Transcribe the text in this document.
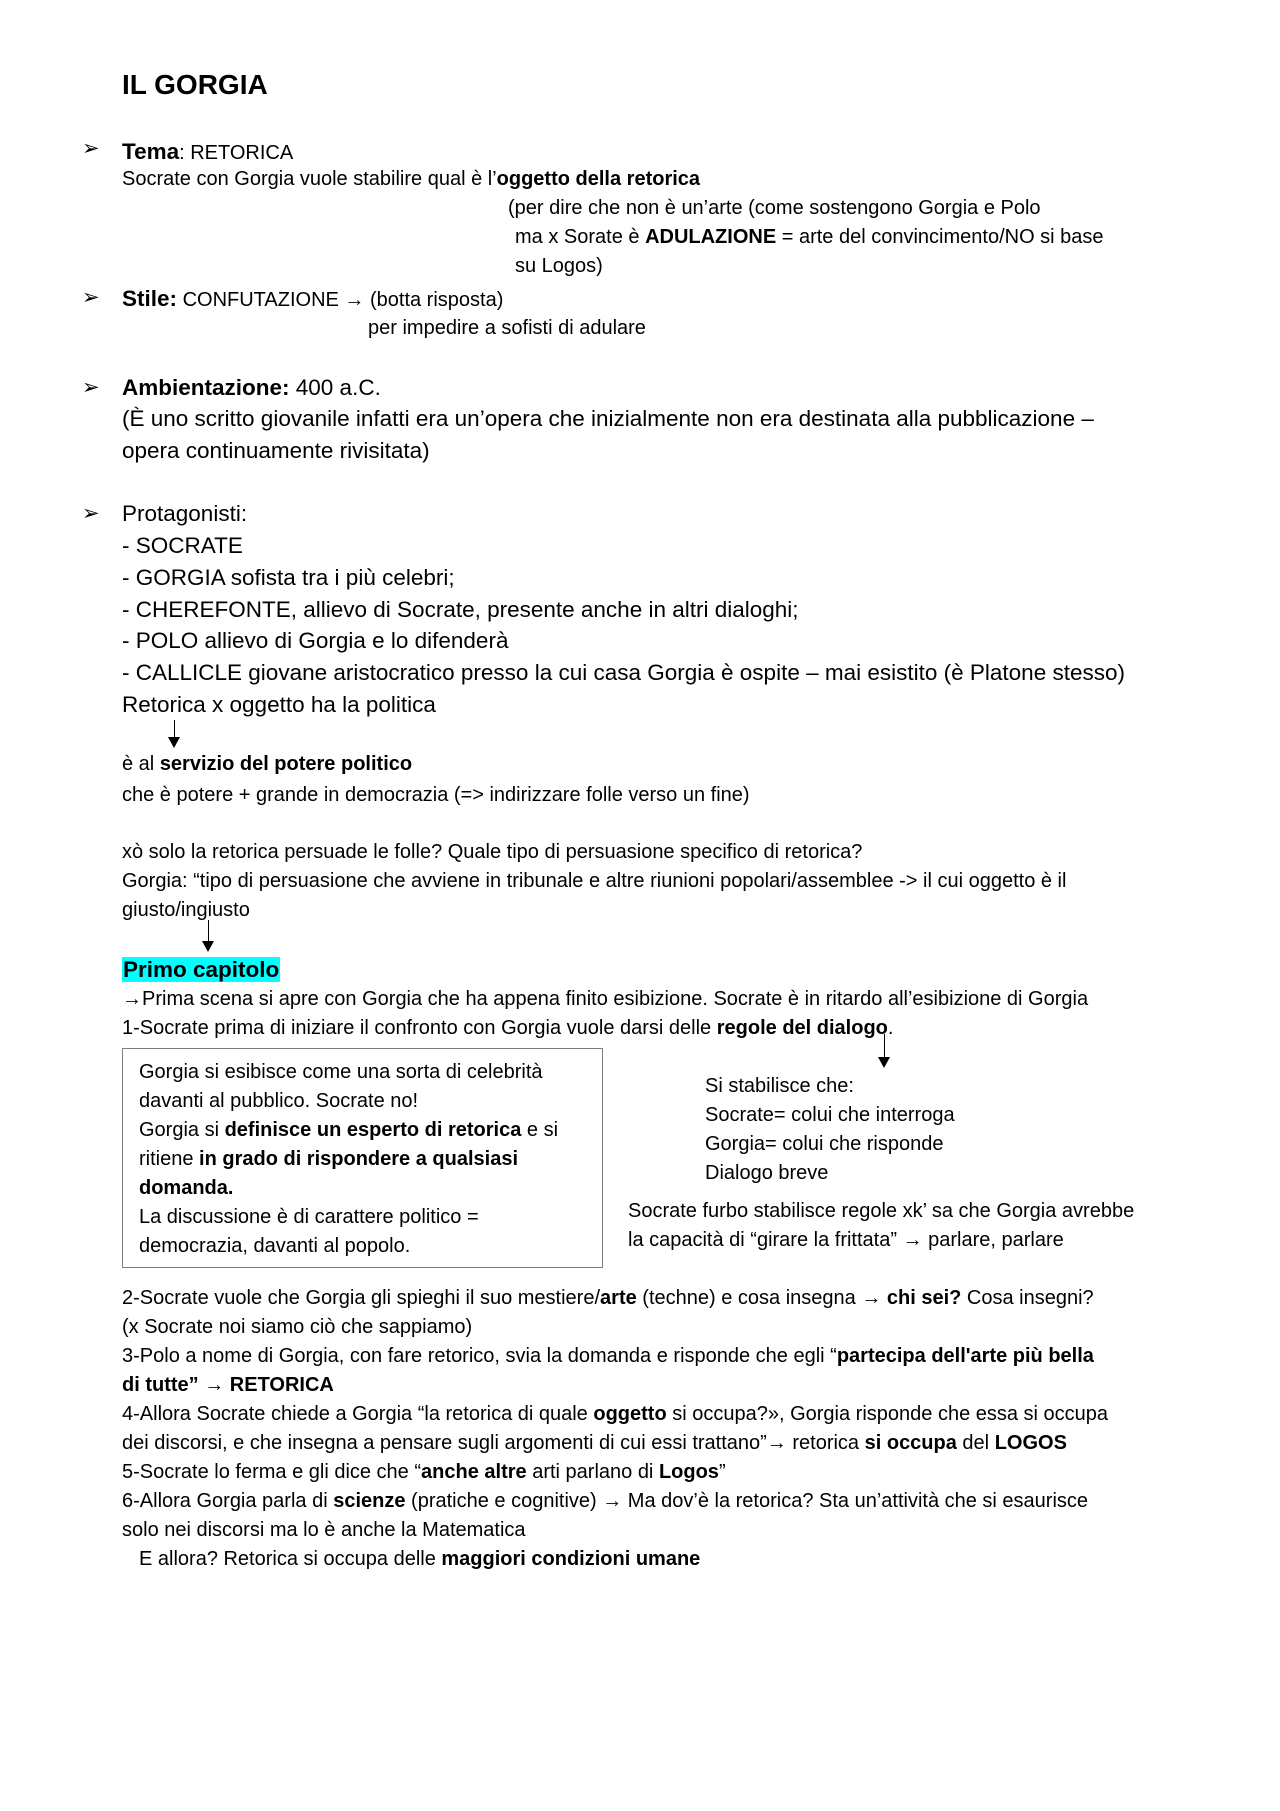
IL GORGIA
➢ Tema: RETORICA
Socrate con Gorgia vuole stabilire qual è l’oggetto della retorica
(per dire che non è un’arte (come sostengono Gorgia e Polo
ma x Sorate è ADULAZIONE = arte del convincimento/NO si base
su Logos)
➢ Stile: CONFUTAZIONE → (botta risposta)
per impedire a sofisti di adulare
➢ Ambientazione: 400 a.C.
(È uno scritto giovanile infatti era un’opera che inizialmente non era destinata alla pubblicazione –
opera continuamente rivisitata)
➢ Protagonisti:
- SOCRATE
- GORGIA sofista tra i più celebri;
- CHEREFONTE, allievo di Socrate, presente anche in altri dialoghi;
- POLO allievo di Gorgia e lo difenderà
- CALLICLE giovane aristocratico presso la cui casa Gorgia è ospite – mai esistito (è Platone stesso)
Retorica x oggetto ha la politica
è al servizio del potere politico
che è potere + grande in democrazia (=> indirizzare folle verso un fine)
xò solo la retorica persuade le folle? Quale tipo di persuasione specifico di retorica?
Gorgia: “tipo di persuasione che avviene in tribunale e altre riunioni popolari/assemblee -> il cui oggetto è il
giusto/ingiusto
Primo capitolo
→Prima scena si apre con Gorgia che ha appena finito esibizione. Socrate è in ritardo all’esibizione di Gorgia
1-Socrate prima di iniziare il confronto con Gorgia vuole darsi delle regole del dialogo.
Gorgia si esibisce come una sorta di celebrità
davanti al pubblico. Socrate no!
Gorgia si definisce un esperto di retorica e si
ritiene in grado di rispondere a qualsiasi
domanda.
La discussione è di carattere politico =
democrazia, davanti al popolo.
Si stabilisce che:
Socrate= colui che interroga
Gorgia= colui che risponde
Dialogo breve
Socrate furbo stabilisce regole xk’ sa che Gorgia avrebbe
la capacità di “girare la frittata” → parlare, parlare
2-Socrate vuole che Gorgia gli spieghi il suo mestiere/arte (techne) e cosa insegna → chi sei? Cosa insegni?
(x Socrate noi siamo ciò che sappiamo)
3-Polo a nome di Gorgia, con fare retorico, svia la domanda e risponde che egli “partecipa dell'arte più bella
di tutte” → RETORICA
4-Allora Socrate chiede a Gorgia “la retorica di quale oggetto si occupa?», Gorgia risponde che essa si occupa
dei discorsi, e che insegna a pensare sugli argomenti di cui essi trattano”→ retorica si occupa del LOGOS
5-Socrate lo ferma e gli dice che “anche altre arti parlano di Logos”
6-Allora Gorgia parla di scienze (pratiche e cognitive) → Ma dov’è la retorica? Sta un’attività che si esaurisce
solo nei discorsi ma lo è anche la Matematica
E allora? Retorica si occupa delle maggiori condizioni umane
